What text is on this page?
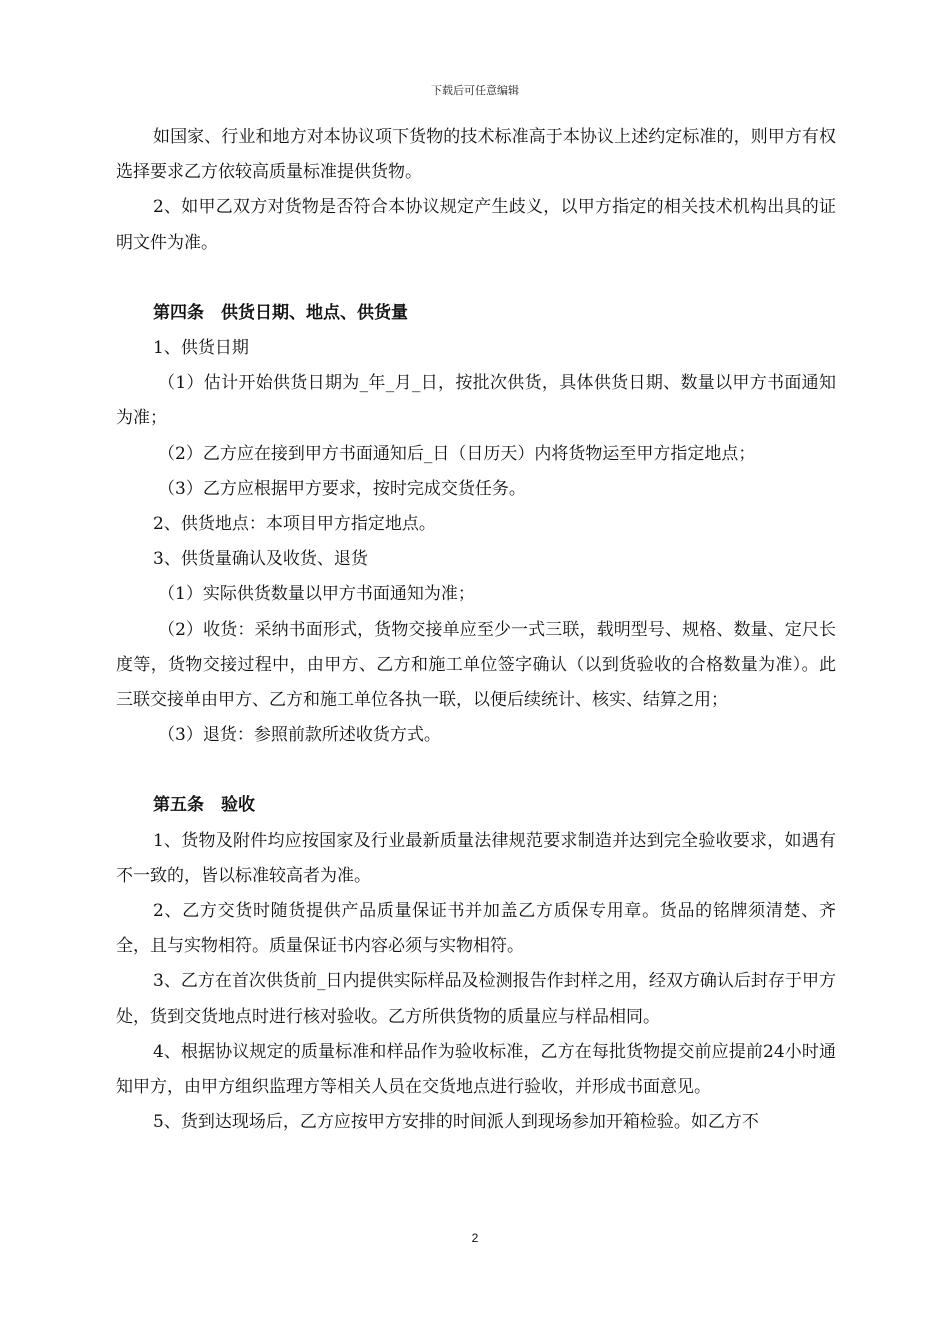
下载后可任意编辑

如国家、行业和地方对本协议项下货物的技术标准高于本协议上述约定标准的，则甲方有权选择要求乙方依较高质量标准提供货物。

2、如甲乙双方对货物是否符合本协议规定产生歧义，以甲方指定的相关技术机构出具的证明文件为准。

第四条　供货日期、地点、供货量

1、供货日期

（1）估计开始供货日期为_年_月_日，按批次供货，具体供货日期、数量以甲方书面通知为准；

（2）乙方应在接到甲方书面通知后_日（日历天）内将货物运至甲方指定地点；

（3）乙方应根据甲方要求，按时完成交货任务。

2、供货地点：本项目甲方指定地点。

3、供货量确认及收货、退货

（1）实际供货数量以甲方书面通知为准；

（2）收货：采纳书面形式，货物交接单应至少一式三联，载明型号、规格、数量、定尺长度等，货物交接过程中，由甲方、乙方和施工单位签字确认（以到货验收的合格数量为准）。此三联交接单由甲方、乙方和施工单位各执一联，以便后续统计、核实、结算之用；

（3）退货：参照前款所述收货方式。

第五条　验收

1、货物及附件均应按国家及行业最新质量法律规范要求制造并达到完全验收要求，如遇有不一致的，皆以标准较高者为准。

2、乙方交货时随货提供产品质量保证书并加盖乙方质保专用章。货品的铭牌须清楚、齐全，且与实物相符。质量保证书内容必须与实物相符。

3、乙方在首次供货前_日内提供实际样品及检测报告作封样之用，经双方确认后封存于甲方处，货到交货地点时进行核对验收。乙方所供货物的质量应与样品相同。

4、根据协议规定的质量标准和样品作为验收标准，乙方在每批货物提交前应提前24小时通知甲方，由甲方组织监理方等相关人员在交货地点进行验收，并形成书面意见。

5、货到达现场后，乙方应按甲方安排的时间派人到现场参加开箱检验。如乙方不

2
